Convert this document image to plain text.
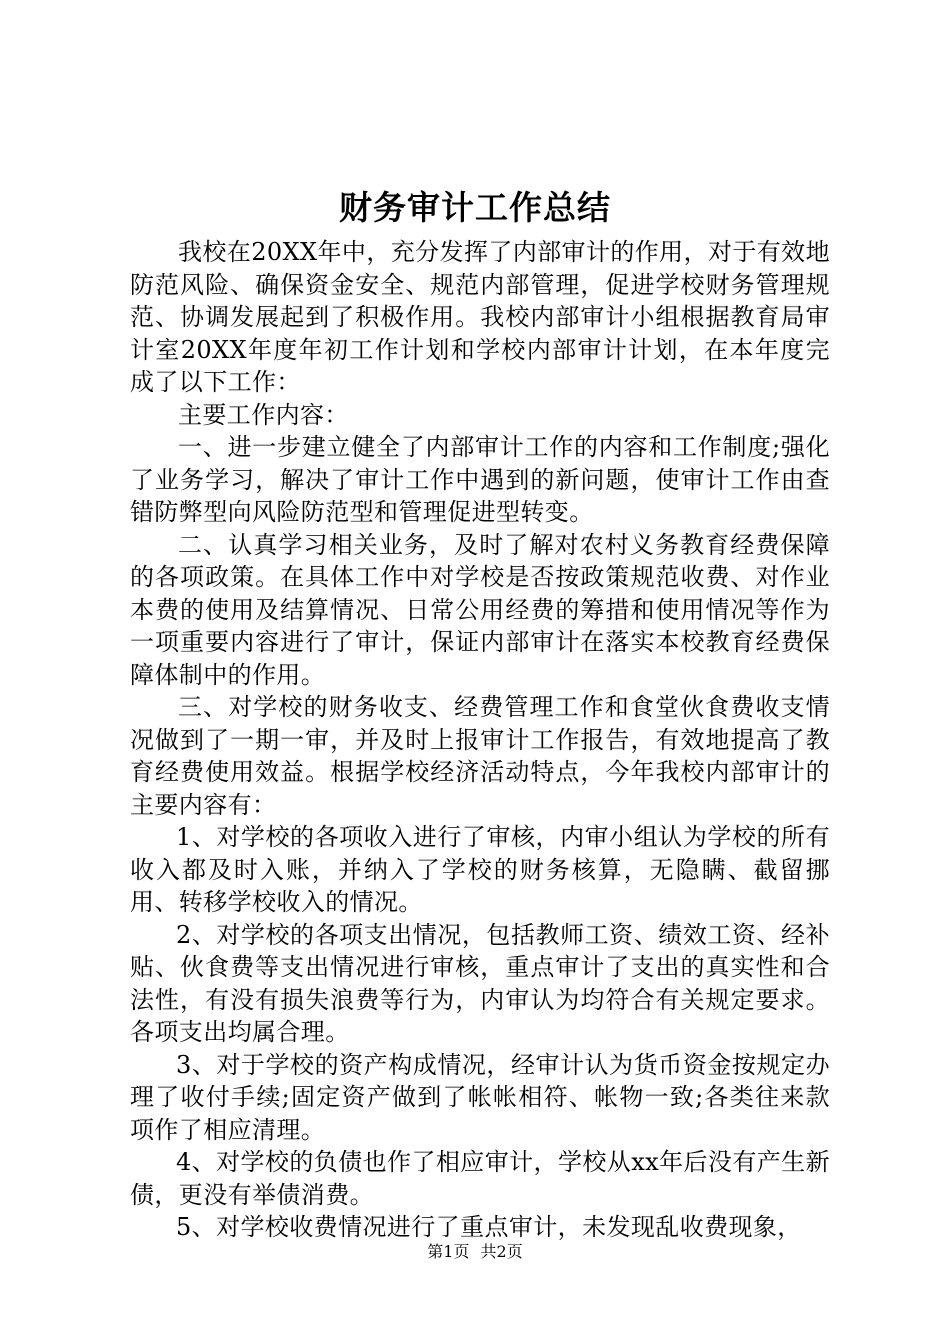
财务审计工作总结

我校在20XX年中，充分发挥了内部审计的作用，对于有效地防范风险、确保资金安全、规范内部管理，促进学校财务管理规范、协调发展起到了积极作用。我校内部审计小组根据教育局审计室20XX年度年初工作计划和学校内部审计计划，在本年度完成了以下工作：

主要工作内容：

一、进一步建立健全了内部审计工作的内容和工作制度;强化了业务学习，解决了审计工作中遇到的新问题，使审计工作由查错防弊型向风险防范型和管理促进型转变。

二、认真学习相关业务，及时了解对农村义务教育经费保障的各项政策。在具体工作中对学校是否按政策规范收费、对作业本费的使用及结算情况、日常公用经费的筹措和使用情况等作为一项重要内容进行了审计，保证内部审计在落实本校教育经费保障体制中的作用。

三、对学校的财务收支、经费管理工作和食堂伙食费收支情况做到了一期一审，并及时上报审计工作报告，有效地提高了教育经费使用效益。根据学校经济活动特点，今年我校内部审计的主要内容有：

1、对学校的各项收入进行了审核，内审小组认为学校的所有收入都及时入账，并纳入了学校的财务核算，无隐瞒、截留挪用、转移学校收入的情况。

2、对学校的各项支出情况，包括教师工资、绩效工资、经补贴、伙食费等支出情况进行审核，重点审计了支出的真实性和合法性，有没有损失浪费等行为，内审认为均符合有关规定要求。各项支出均属合理。

3、对于学校的资产构成情况，经审计认为货币资金按规定办理了收付手续;固定资产做到了帐帐相符、帐物一致;各类往来款项作了相应清理。

4、对学校的负债也作了相应审计，学校从xx年后没有产生新债，更没有举债消费。

5、对学校收费情况进行了重点审计，未发现乱收费现象，

第1页 共2页
